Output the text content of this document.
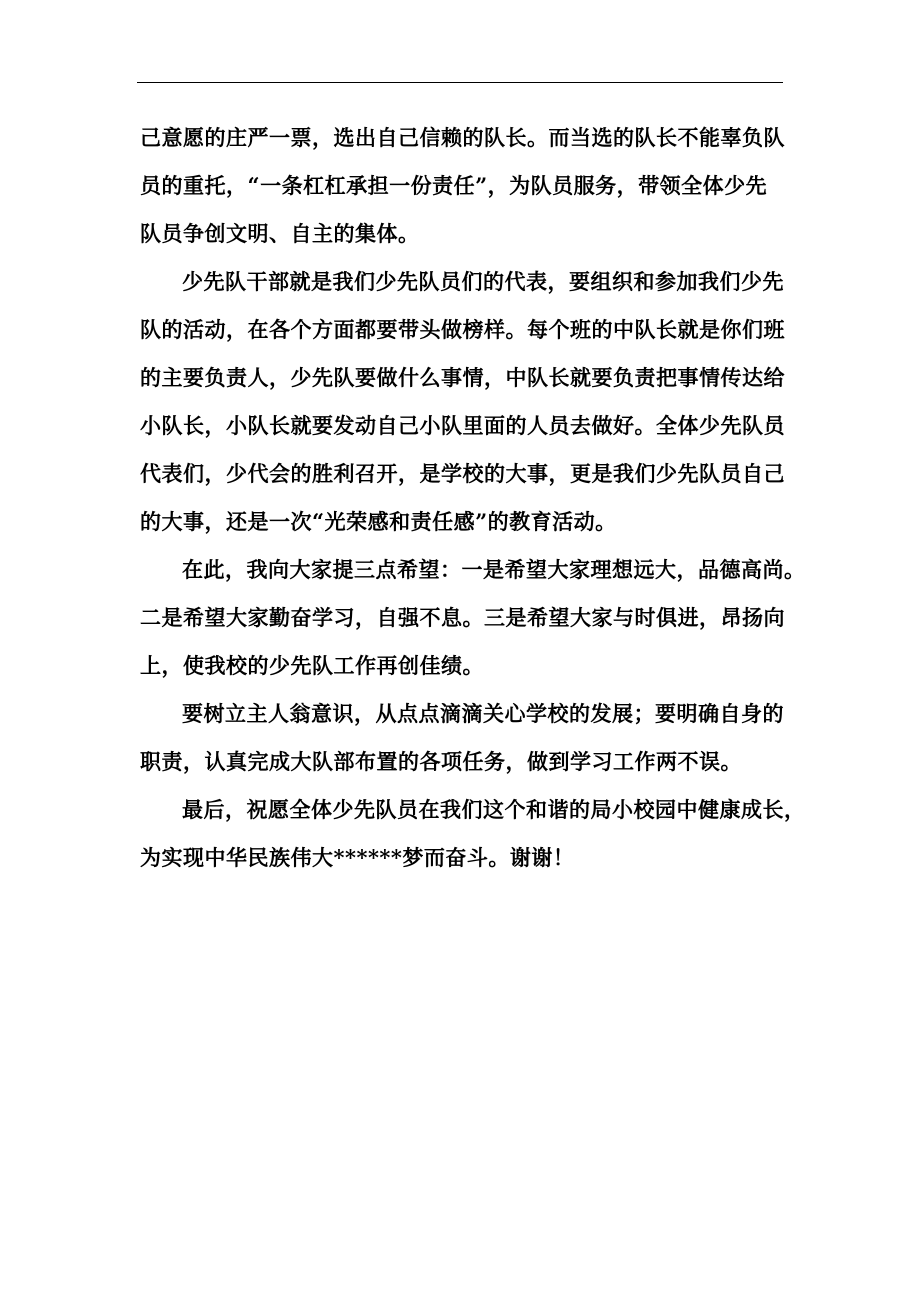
己意愿的庄严一票，选出自己信赖的队长。而当选的队长不能辜负队
员的重托，“一条杠杠承担一份责任”，为队员服务，带领全体少先
队员争创文明、自主的集体。
少先队干部就是我们少先队员们的代表，要组织和参加我们少先
队的活动，在各个方面都要带头做榜样。每个班的中队长就是你们班
的主要负责人，少先队要做什么事情，中队长就要负责把事情传达给
小队长，小队长就要发动自己小队里面的人员去做好。全体少先队员
代表们，少代会的胜利召开，是学校的大事，更是我们少先队员自己
的大事，还是一次“光荣感和责任感”的教育活动。
在此，我向大家提三点希望：一是希望大家理想远大，品德高尚。
二是希望大家勤奋学习，自强不息。三是希望大家与时俱进，昂扬向
上，使我校的少先队工作再创佳绩。
要树立主人翁意识，从点点滴滴关心学校的发展；要明确自身的
职责，认真完成大队部布置的各项任务，做到学习工作两不误。
最后，祝愿全体少先队员在我们这个和谐的局小校园中健康成长，
为实现中华民族伟大******梦而奋斗。谢谢！
